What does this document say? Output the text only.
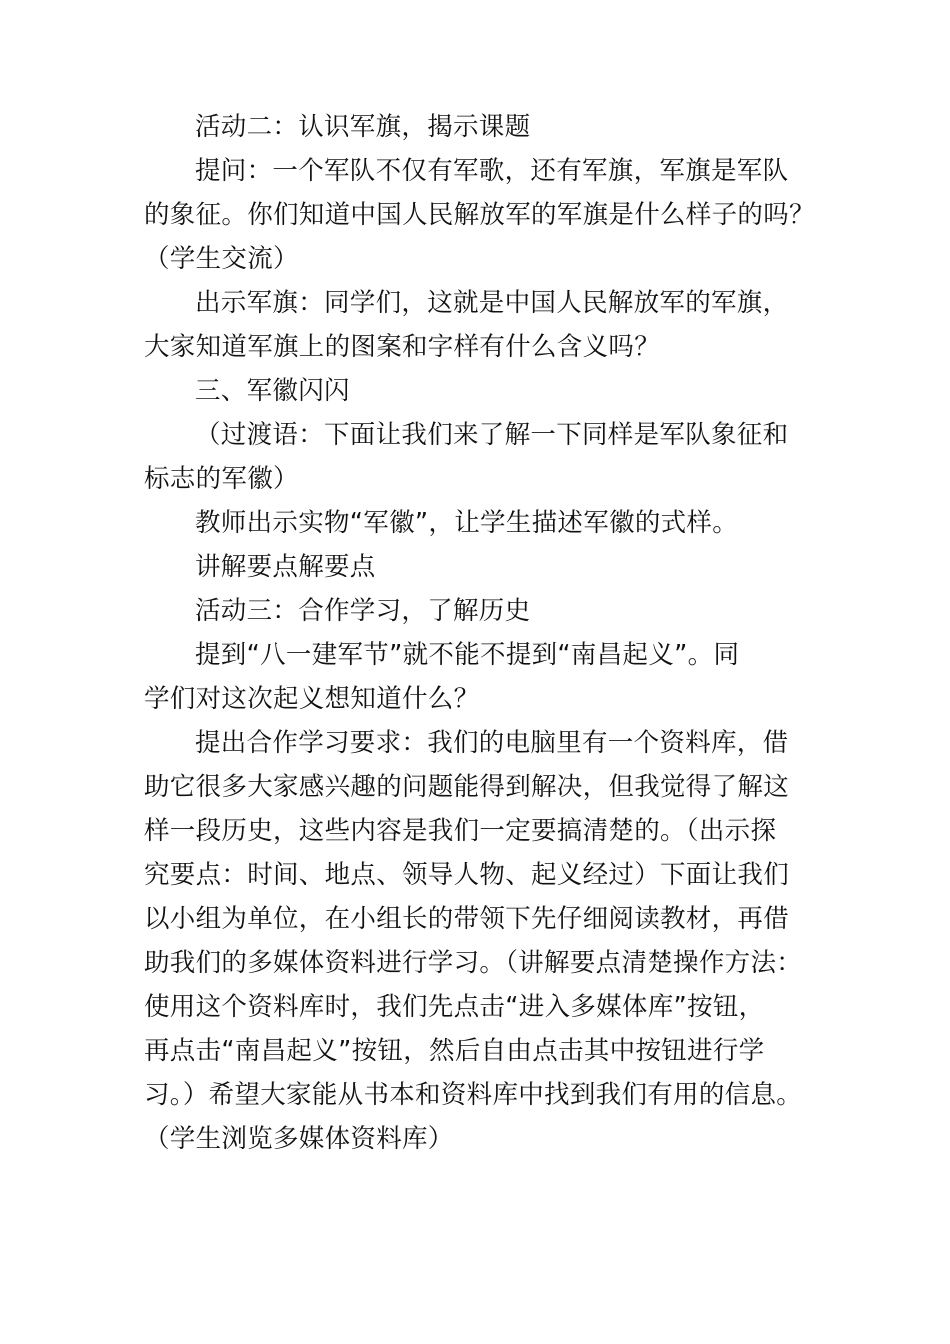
活动二：认识军旗，揭示课题
提问：一个军队不仅有军歌，还有军旗，军旗是军队
的象征。你们知道中国人民解放军的军旗是什么样子的吗？
（学生交流）
出示军旗：同学们，这就是中国人民解放军的军旗，
大家知道军旗上的图案和字样有什么含义吗？
三、军徽闪闪
（过渡语：下面让我们来了解一下同样是军队象征和
标志的军徽）
教师出示实物“军徽”，让学生描述军徽的式样。
讲解要点解要点
活动三：合作学习，了解历史
提到“八一建军节”就不能不提到“南昌起义”。同
学们对这次起义想知道什么？
提出合作学习要求：我们的电脑里有一个资料库，借
助它很多大家感兴趣的问题能得到解决，但我觉得了解这
样一段历史，这些内容是我们一定要搞清楚的。（出示探
究要点：时间、地点、领导人物、起义经过）下面让我们
以小组为单位，在小组长的带领下先仔细阅读教材，再借
助我们的多媒体资料进行学习。（讲解要点清楚操作方法：
使用这个资料库时，我们先点击“进入多媒体库”按钮，
再点击“南昌起义”按钮，然后自由点击其中按钮进行学
习。）希望大家能从书本和资料库中找到我们有用的信息。
（学生浏览多媒体资料库）
